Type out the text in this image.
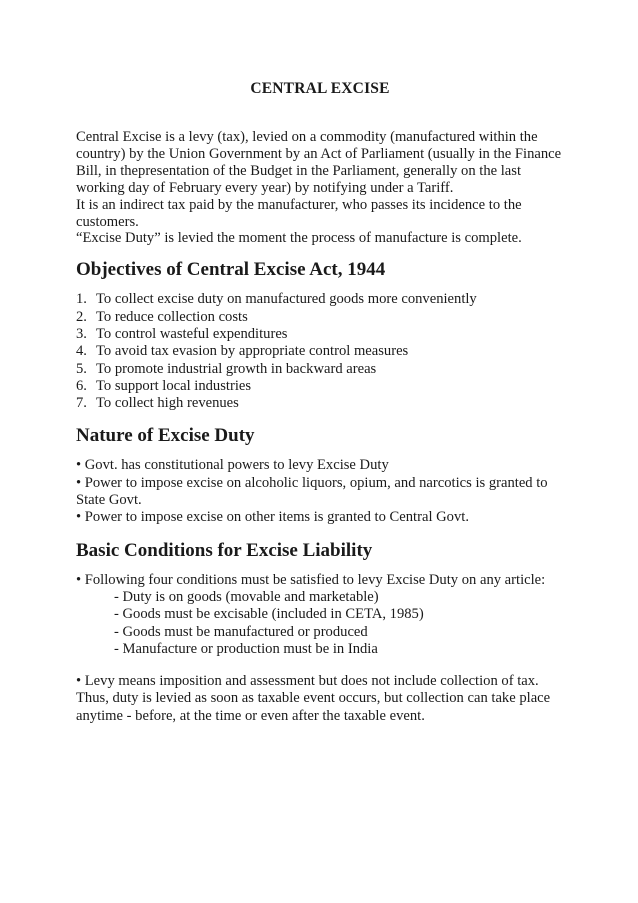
CENTRAL EXCISE

Central Excise is a levy (tax), levied on a commodity (manufactured within the country) by the Union Government by an Act of Parliament (usually in the Finance Bill, in thepresentation of the Budget in the Parliament, generally on the last working day of February every year) by notifying under a Tariff.

It is an indirect tax paid by the manufacturer, who passes its incidence to the customers.

“Excise Duty” is levied the moment the process of manufacture is complete.

Objectives of Central Excise Act, 1944
1. To collect excise duty on manufactured goods more conveniently
2. To reduce collection costs
3. To control wasteful expenditures
4. To avoid tax evasion by appropriate control measures
5. To promote industrial growth in backward areas
6. To support local industries
7. To collect high revenues
Nature of Excise Duty

• Govt. has constitutional powers to levy Excise Duty

• Power to impose excise on alcoholic liquors, opium, and narcotics is granted to State Govt.

• Power to impose excise on other items is granted to Central Govt.

Basic Conditions for Excise Liability

• Following four conditions must be satisfied to levy Excise Duty on any article:

- Duty is on goods (movable and marketable)
- Goods must be excisable (included in CETA, 1985)
- Goods must be manufactured or produced
- Manufacture or production must be in India

• Levy means imposition and assessment but does not include collection of tax. Thus, duty is levied as soon as taxable event occurs, but collection can take place anytime - before, at the time or even after the taxable event.
